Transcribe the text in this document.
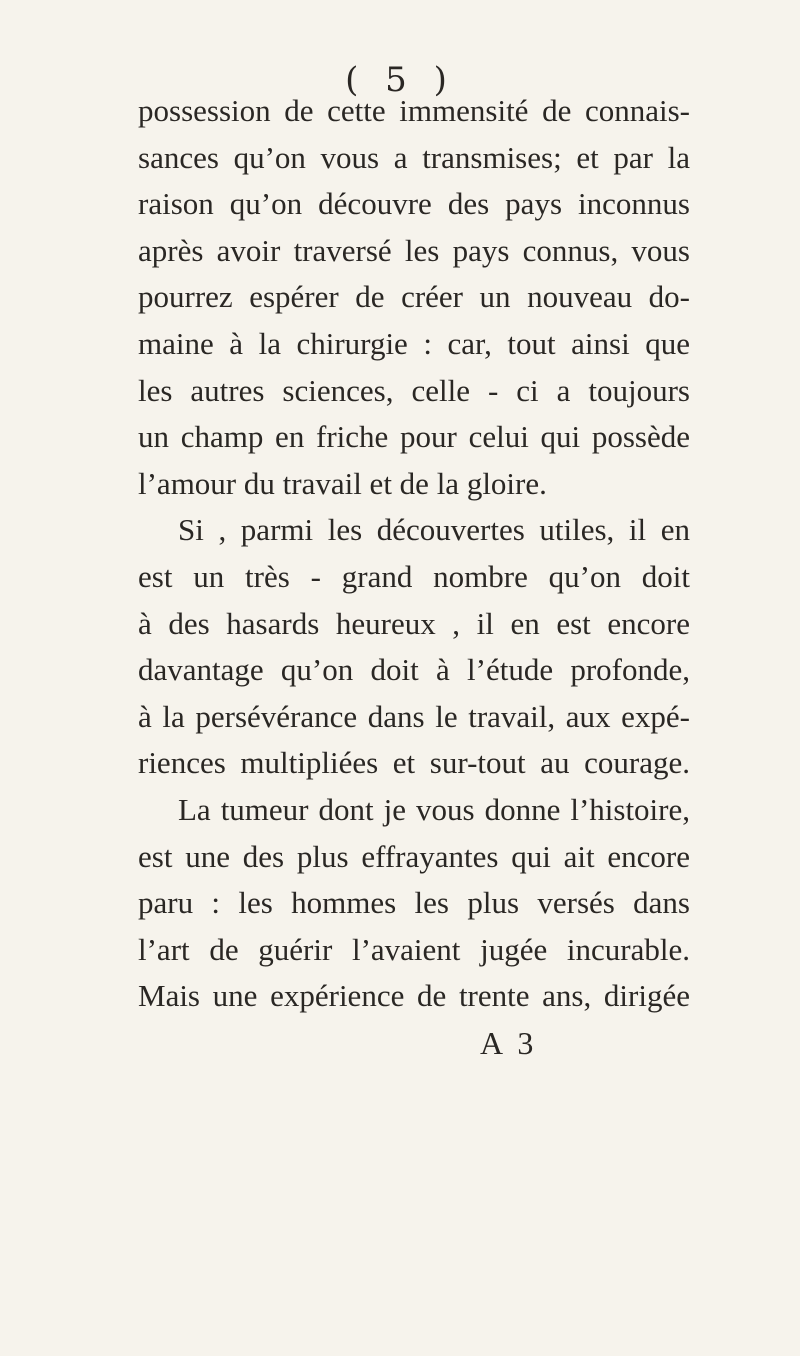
( 5 )
possession de cette immensité de connais-
sances qu’on vous a transmises; et par la
raison qu’on découvre des pays inconnus
après avoir traversé les pays connus, vous
pourrez espérer de créer un nouveau do-
maine à la chirurgie : car, tout ainsi que
les autres sciences, celle - ci a toujours
un champ en friche pour celui qui possède
l’amour du travail et de la gloire.
Si , parmi les découvertes utiles, il en
est un très - grand nombre qu’on doit
à des hasards heureux , il en est encore
davantage qu’on doit à l’étude profonde,
à la persévérance dans le travail, aux expé-
riences multipliées et sur-tout au courage.
La tumeur dont je vous donne l’histoire,
est une des plus effrayantes qui ait encore
paru : les hommes les plus versés dans
l’art de guérir l’avaient jugée incurable.
Mais une expérience de trente ans, dirigée
A 3
